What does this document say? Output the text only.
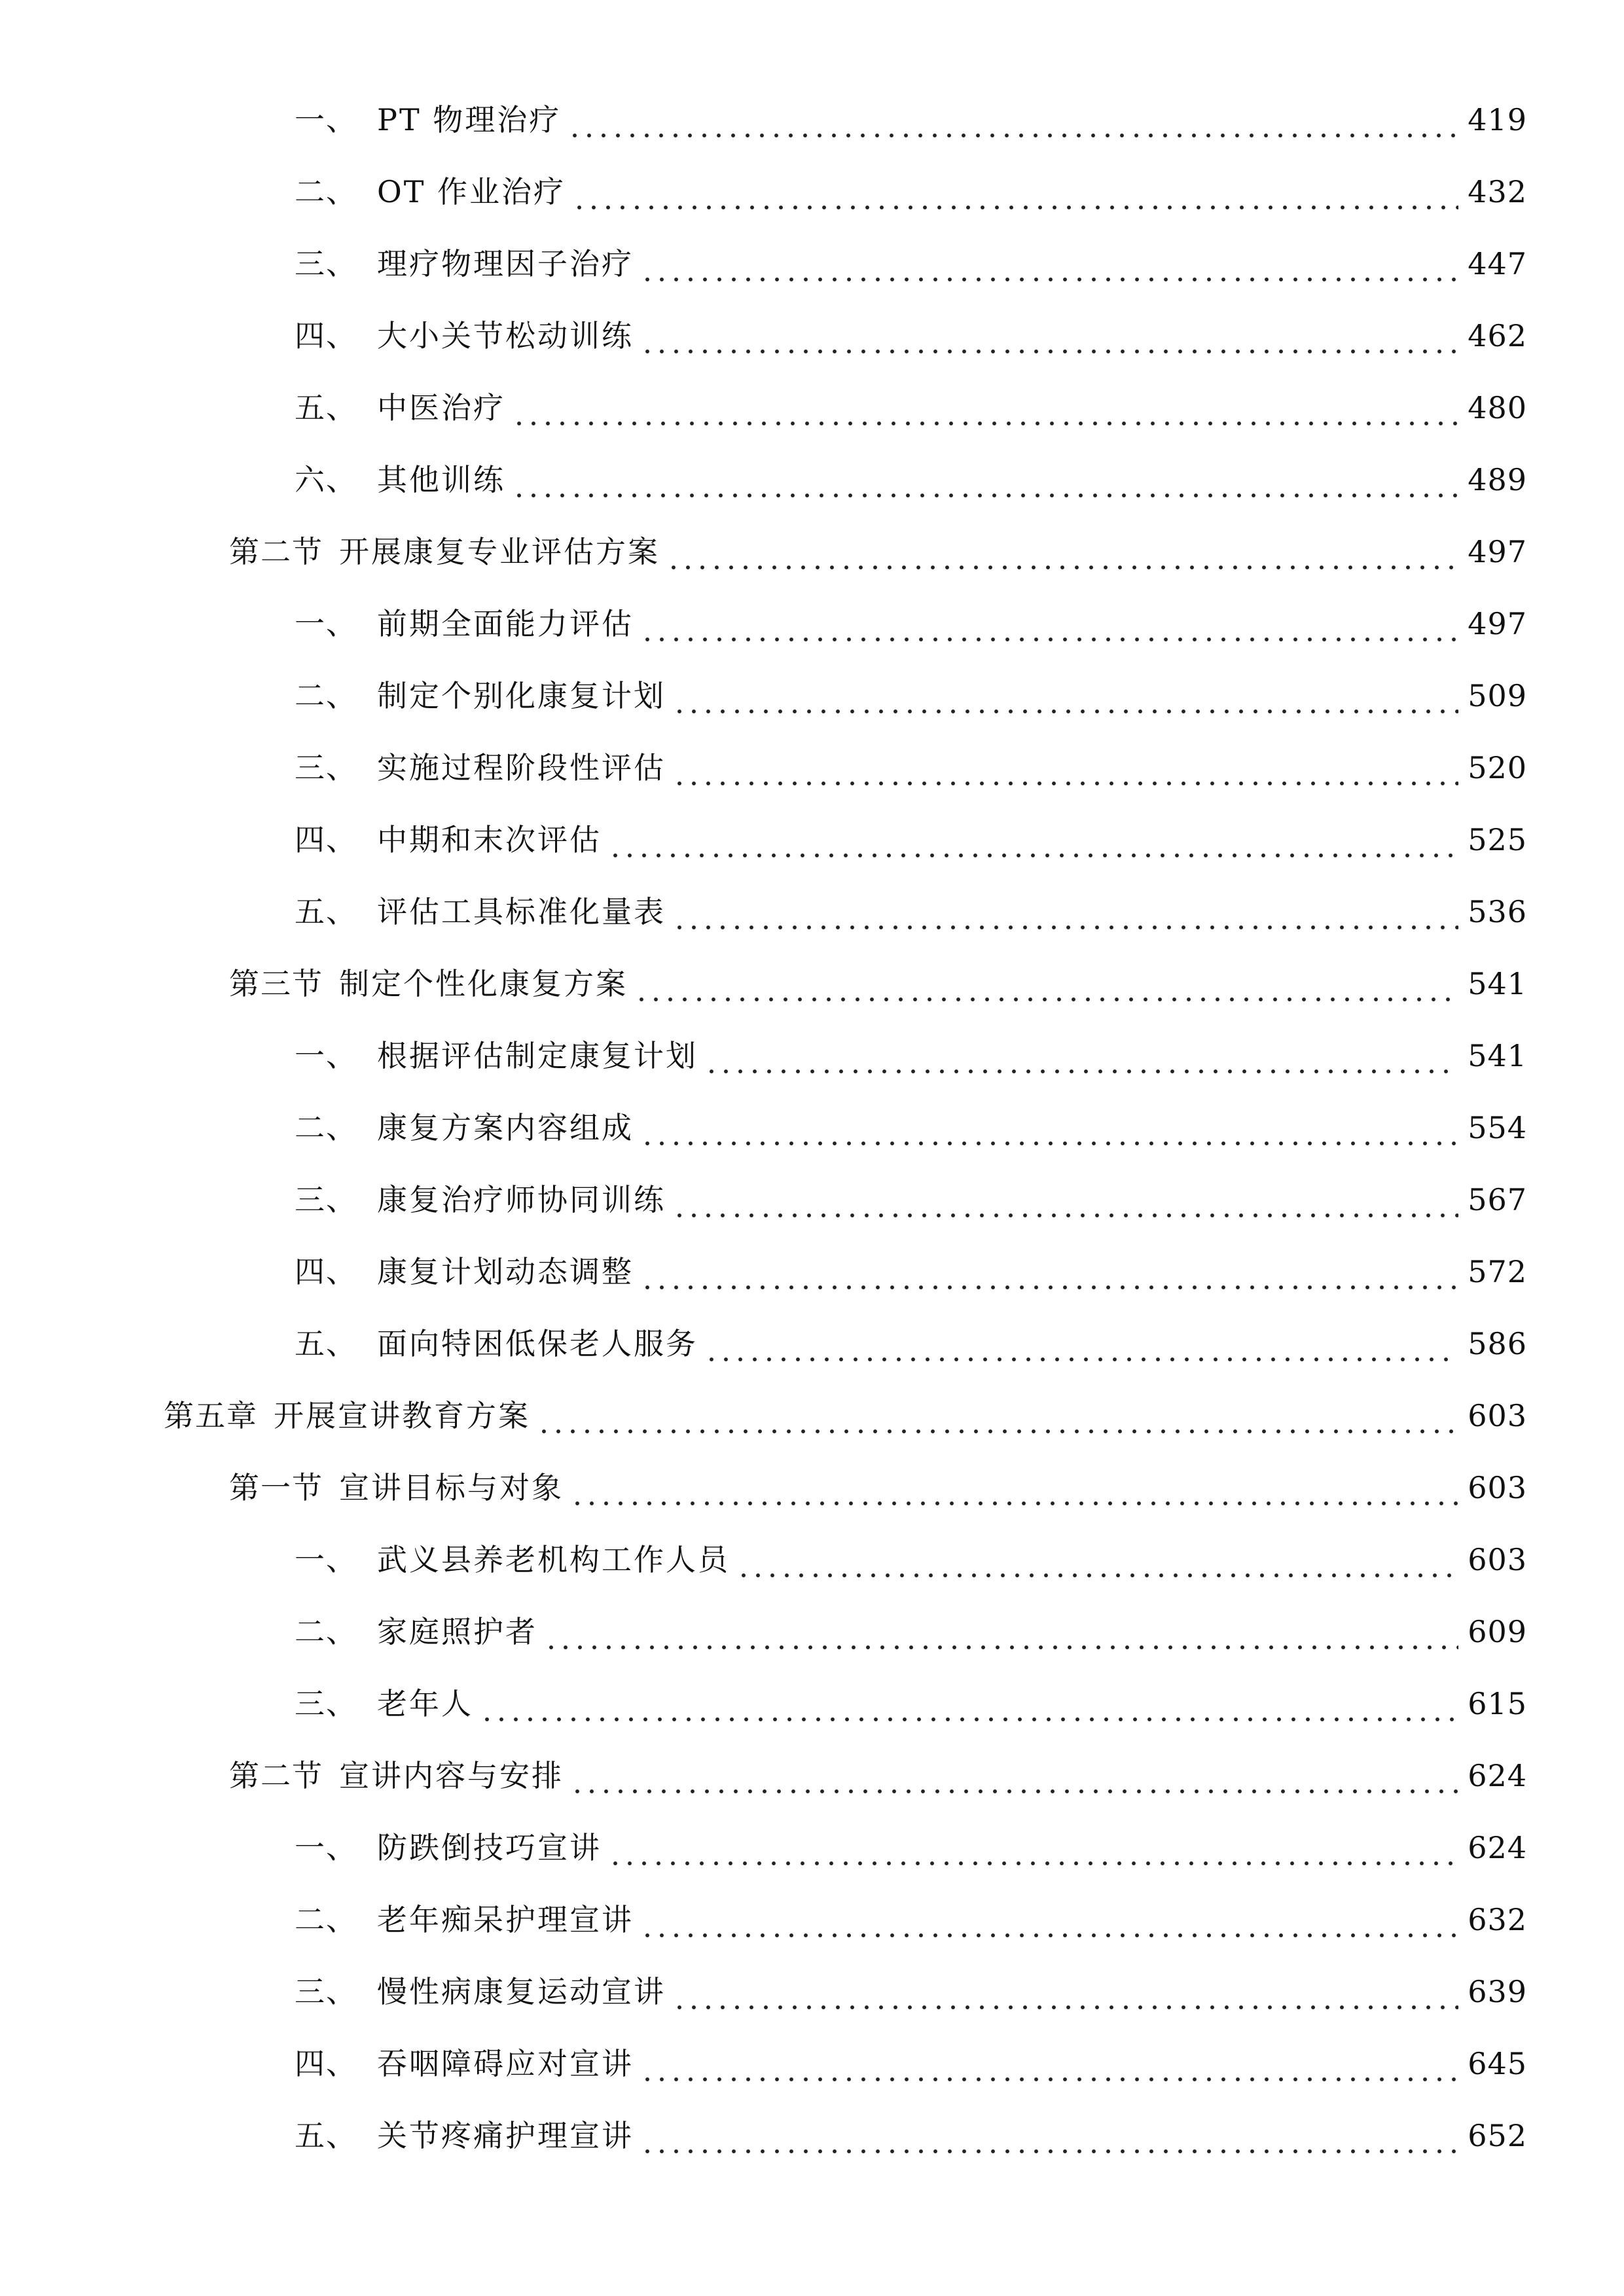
一、 PT 物理治疗	419
二、 OT 作业治疗	432
三、 理疗物理因子治疗	447
四、 大小关节松动训练	462
五、 中医治疗	480
六、 其他训练	489
第二节 开展康复专业评估方案	497
一、 前期全面能力评估	497
二、 制定个别化康复计划	509
三、 实施过程阶段性评估	520
四、 中期和末次评估	525
五、 评估工具标准化量表	536
第三节 制定个性化康复方案	541
一、 根据评估制定康复计划	541
二、 康复方案内容组成	554
三、 康复治疗师协同训练	567
四、 康复计划动态调整	572
五、 面向特困低保老人服务	586
第五章 开展宣讲教育方案	603
第一节 宣讲目标与对象	603
一、 武义县养老机构工作人员	603
二、 家庭照护者	609
三、 老年人	615
第二节 宣讲内容与安排	624
一、 防跌倒技巧宣讲	624
二、 老年痴呆护理宣讲	632
三、 慢性病康复运动宣讲	639
四、 吞咽障碍应对宣讲	645
五、 关节疼痛护理宣讲	652
